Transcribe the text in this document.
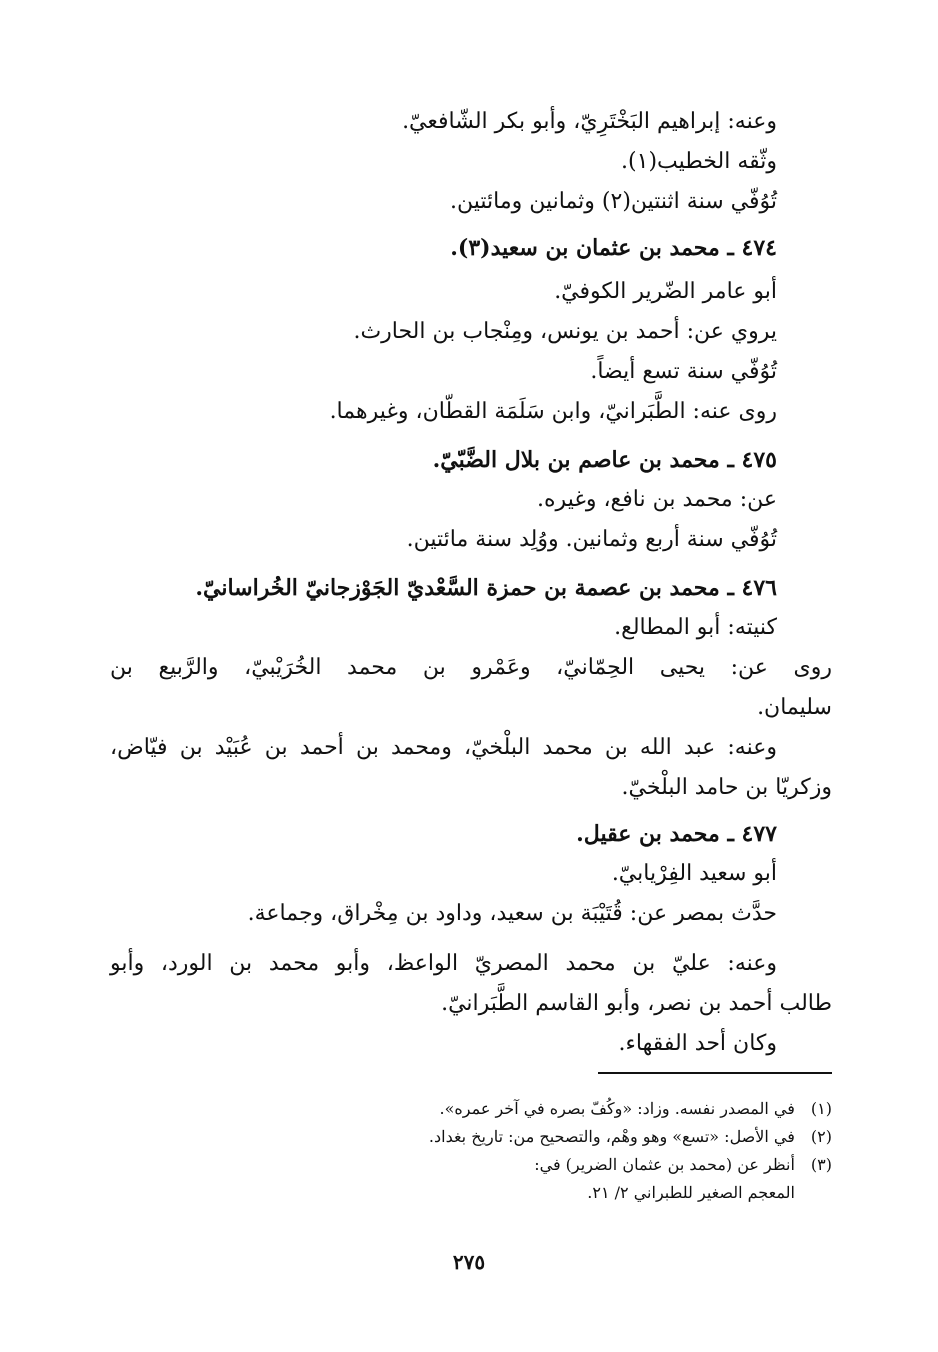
وعنه: إبراهيم البَخْتَرِيّ، وأبو بكر الشّافعيّ.
وثّقه الخطيب(١).
تُوُفّي سنة اثنتين(٢) وثمانين ومائتين.
٤٧٤ ـ محمد بن عثمان بن سعيد(٣).
أبو عامر الضّرير الكوفيّ.
يروي عن: أحمد بن يونس، ومِنْجاب بن الحارث.
تُوُفّي سنة تسع أيضاً.
روى عنه: الطَّبَرانيّ، وابن سَلَمَة القطّان، وغيرهما.
٤٧٥ ـ محمد بن عاصم بن بلال الضَّبّيّ.
عن: محمد بن نافع، وغيره.
تُوُفّي سنة أربع وثمانين. ووُلِد سنة مائتين.
٤٧٦ ـ محمد بن عصمة بن حمزة السَّعْديّ الجَوْزجانيّ الخُراسانيّ.
كنيته: أبو المطالع.
روى عن: يحيى الحِمّانيّ، وعَمْرو بن محمد الخُرَيْبيّ، والرَّبيع بن
سليمان.
وعنه: عبد الله بن محمد البلْخيّ، ومحمد بن أحمد بن عُبَيْد بن فيّاض،
وزكريّا بن حامد البلْخيّ.
٤٧٧ ـ محمد بن عقيل.
أبو سعيد الفِرْيابيّ.
حدَّث بمصر عن: قُتَيْبَة بن سعيد، وداود بن مِخْراق، وجماعة.
وعنه: عليّ بن محمد المصريّ الواعظ، وأبو محمد بن الورد، وأبو
طالب أحمد بن نصر، وأبو القاسم الطَّبَرانيّ.
وكان أحد الفقهاء.
(١) في المصدر نفسه. وزاد: «وكُفّ بصره في آخر عمره».
(٢) في الأصل: «تسع» وهو وهْم، والتصحيح من: تاريخ بغداد.
(٣) أنظر عن (محمد بن عثمان الضرير) في:
المعجم الصغير للطبراني ٢/ ٢١.
٢٧٥
